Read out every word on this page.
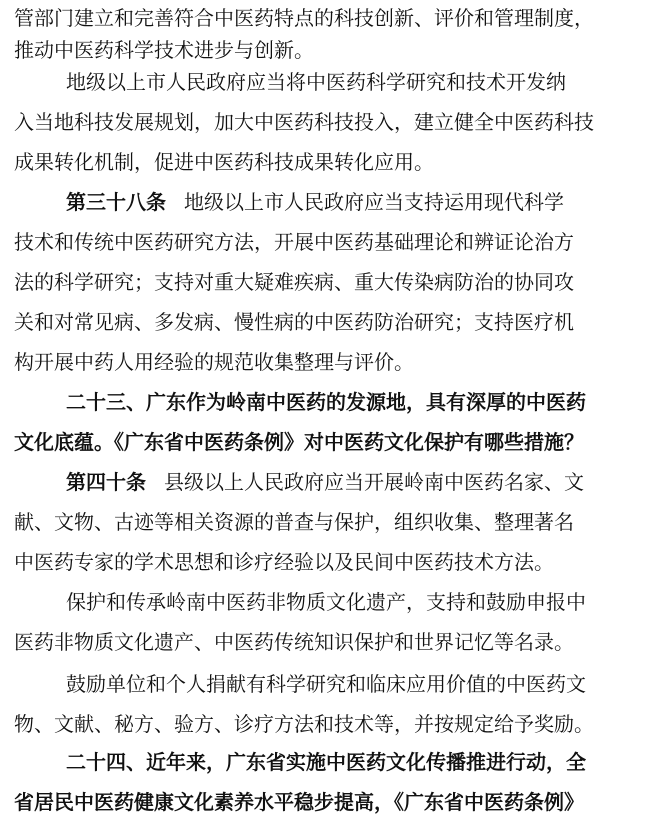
管部门建立和完善符合中医药特点的科技创新、评价和管理制度，
推动中医药科学技术进步与创新。
地级以上市人民政府应当将中医药科学研究和技术开发纳
入当地科技发展规划，加大中医药科技投入，建立健全中医药科技
成果转化机制，促进中医药科技成果转化应用。
第三十八条 地级以上市人民政府应当支持运用现代科学
技术和传统中医药研究方法，开展中医药基础理论和辨证论治方
法的科学研究；支持对重大疑难疾病、重大传染病防治的协同攻
关和对常见病、多发病、慢性病的中医药防治研究；支持医疗机
构开展中药人用经验的规范收集整理与评价。
二十三、广东作为岭南中医药的发源地，具有深厚的中医药
文化底蕴。《广东省中医药条例》对中医药文化保护有哪些措施？
第四十条 县级以上人民政府应当开展岭南中医药名家、文
献、文物、古迹等相关资源的普查与保护，组织收集、整理著名
中医药专家的学术思想和诊疗经验以及民间中医药技术方法。
保护和传承岭南中医药非物质文化遗产，支持和鼓励申报中
医药非物质文化遗产、中医药传统知识保护和世界记忆等名录。
鼓励单位和个人捐献有科学研究和临床应用价值的中医药文
物、文献、秘方、验方、诊疗方法和技术等，并按规定给予奖励。
二十四、近年来，广东省实施中医药文化传播推进行动，全
省居民中医药健康文化素养水平稳步提高，《广东省中医药条例》
